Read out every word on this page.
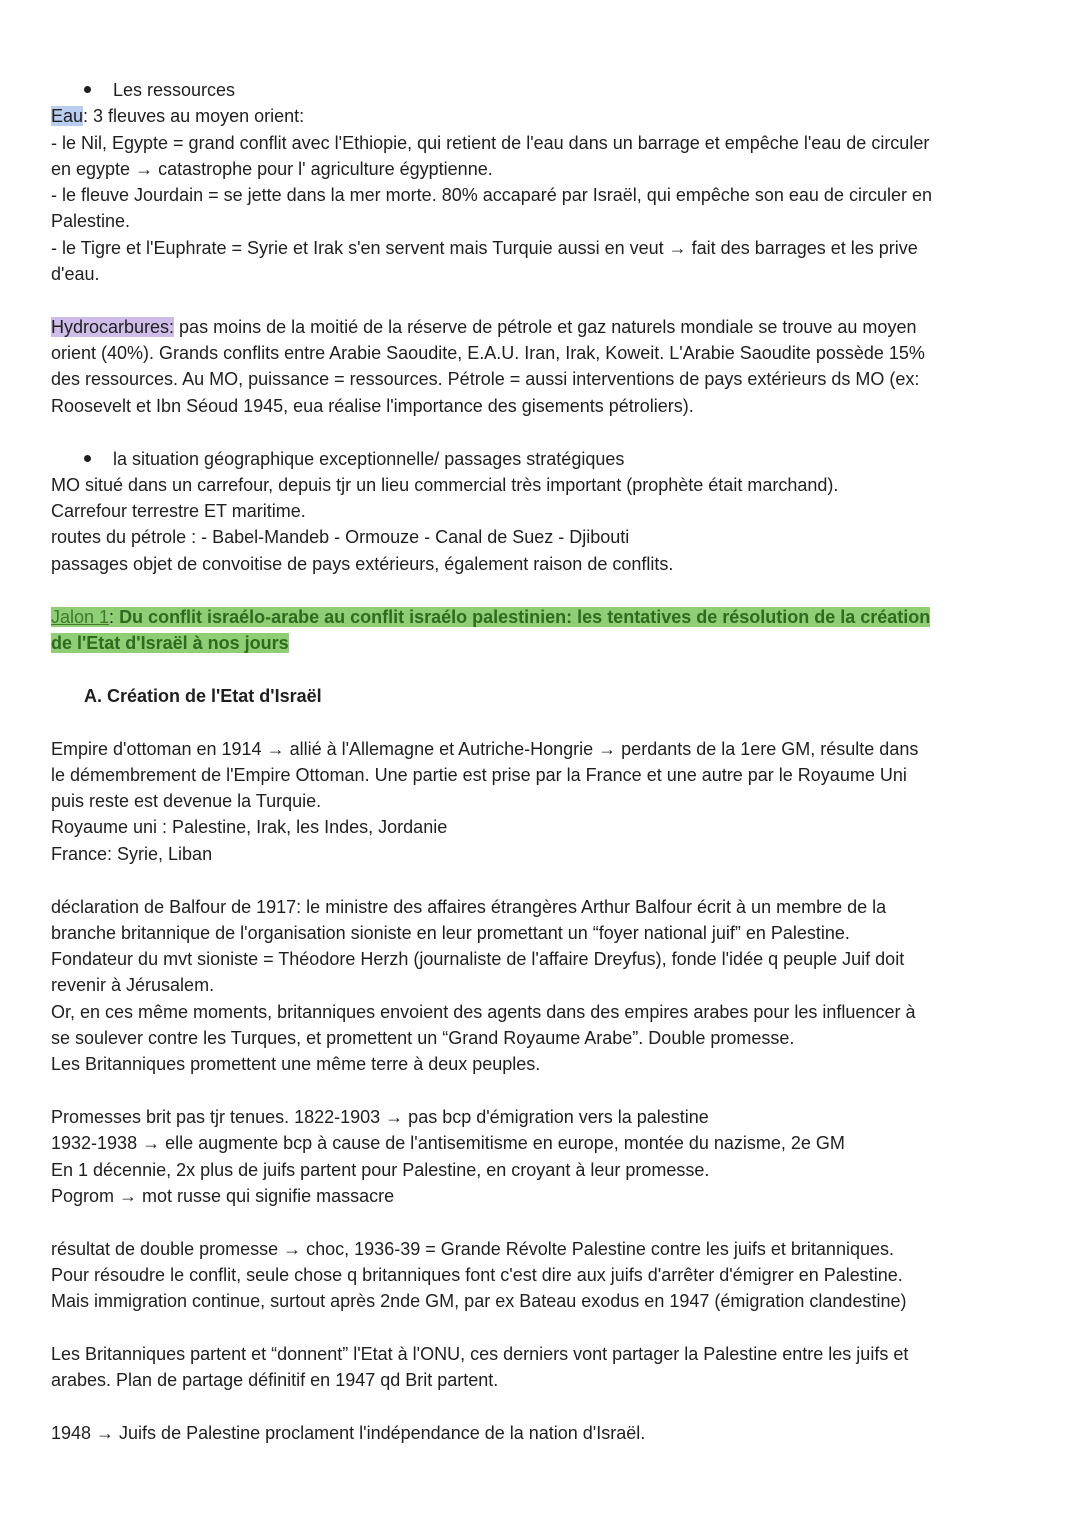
Les ressources
Eau: 3 fleuves au moyen orient:
- le Nil, Egypte = grand conflit avec l'Ethiopie, qui retient de l'eau dans un barrage et empêche l'eau de circuler
en egypte → catastrophe pour l' agriculture égyptienne.
- le fleuve Jourdain = se jette dans la mer morte. 80% accaparé par Israël, qui empêche son eau de circuler en
Palestine.
- le Tigre et l'Euphrate = Syrie et Irak s'en servent mais Turquie aussi en veut → fait des barrages et les prive
d'eau.
Hydrocarbures: pas moins de la moitié de la réserve de pétrole et gaz naturels mondiale se trouve au moyen
orient (40%). Grands conflits entre Arabie Saoudite, E.A.U. Iran, Irak, Koweit. L'Arabie Saoudite possède 15%
des ressources. Au MO, puissance = ressources. Pétrole = aussi interventions de pays extérieurs ds MO (ex:
Roosevelt et Ibn Séoud 1945, eua réalise l'importance des gisements pétroliers).
la situation géographique exceptionnelle/ passages stratégiques
MO situé dans un carrefour, depuis tjr un lieu commercial très important (prophète était marchand).
Carrefour terrestre ET maritime.
routes du pétrole : - Babel-Mandeb - Ormouze - Canal de Suez - Djibouti
passages objet de convoitise de pays extérieurs, également raison de conflits.
Jalon 1: Du conflit israélo-arabe au conflit israélo palestinien: les tentatives de résolution de la création
de l'Etat d'Israël à nos jours
A. Création de l'Etat d'Israël
Empire d'ottoman en 1914 → allié à l'Allemagne et Autriche-Hongrie → perdants de la 1ere GM, résulte dans
le démembrement de l'Empire Ottoman. Une partie est prise par la France et une autre par le Royaume Uni
puis reste est devenue la Turquie.
Royaume uni : Palestine, Irak, les Indes, Jordanie
France: Syrie, Liban
déclaration de Balfour de 1917: le ministre des affaires étrangères Arthur Balfour écrit à un membre de la
branche britannique de l'organisation sioniste en leur promettant un “foyer national juif” en Palestine.
Fondateur du mvt sioniste = Théodore Herzh (journaliste de l'affaire Dreyfus), fonde l'idée q peuple Juif doit
revenir à Jérusalem.
Or, en ces même moments, britanniques envoient des agents dans des empires arabes pour les influencer à
se soulever contre les Turques, et promettent un “Grand Royaume Arabe”. Double promesse.
Les Britanniques promettent une même terre à deux peuples.
Promesses brit pas tjr tenues. 1822-1903 → pas bcp d'émigration vers la palestine
1932-1938 → elle augmente bcp à cause de l'antisemitisme en europe, montée du nazisme, 2e GM
En 1 décennie, 2x plus de juifs partent pour Palestine, en croyant à leur promesse.
Pogrom → mot russe qui signifie massacre
résultat de double promesse → choc, 1936-39 = Grande Révolte Palestine contre les juifs et britanniques.
Pour résoudre le conflit, seule chose q britanniques font c'est dire aux juifs d'arrêter d'émigrer en Palestine.
Mais immigration continue, surtout après 2nde GM, par ex Bateau exodus en 1947 (émigration clandestine)
Les Britanniques partent et “donnent” l'Etat à l'ONU, ces derniers vont partager la Palestine entre les juifs et
arabes. Plan de partage définitif en 1947 qd Brit partent.
1948 → Juifs de Palestine proclament l'indépendance de la nation d'Israël.
